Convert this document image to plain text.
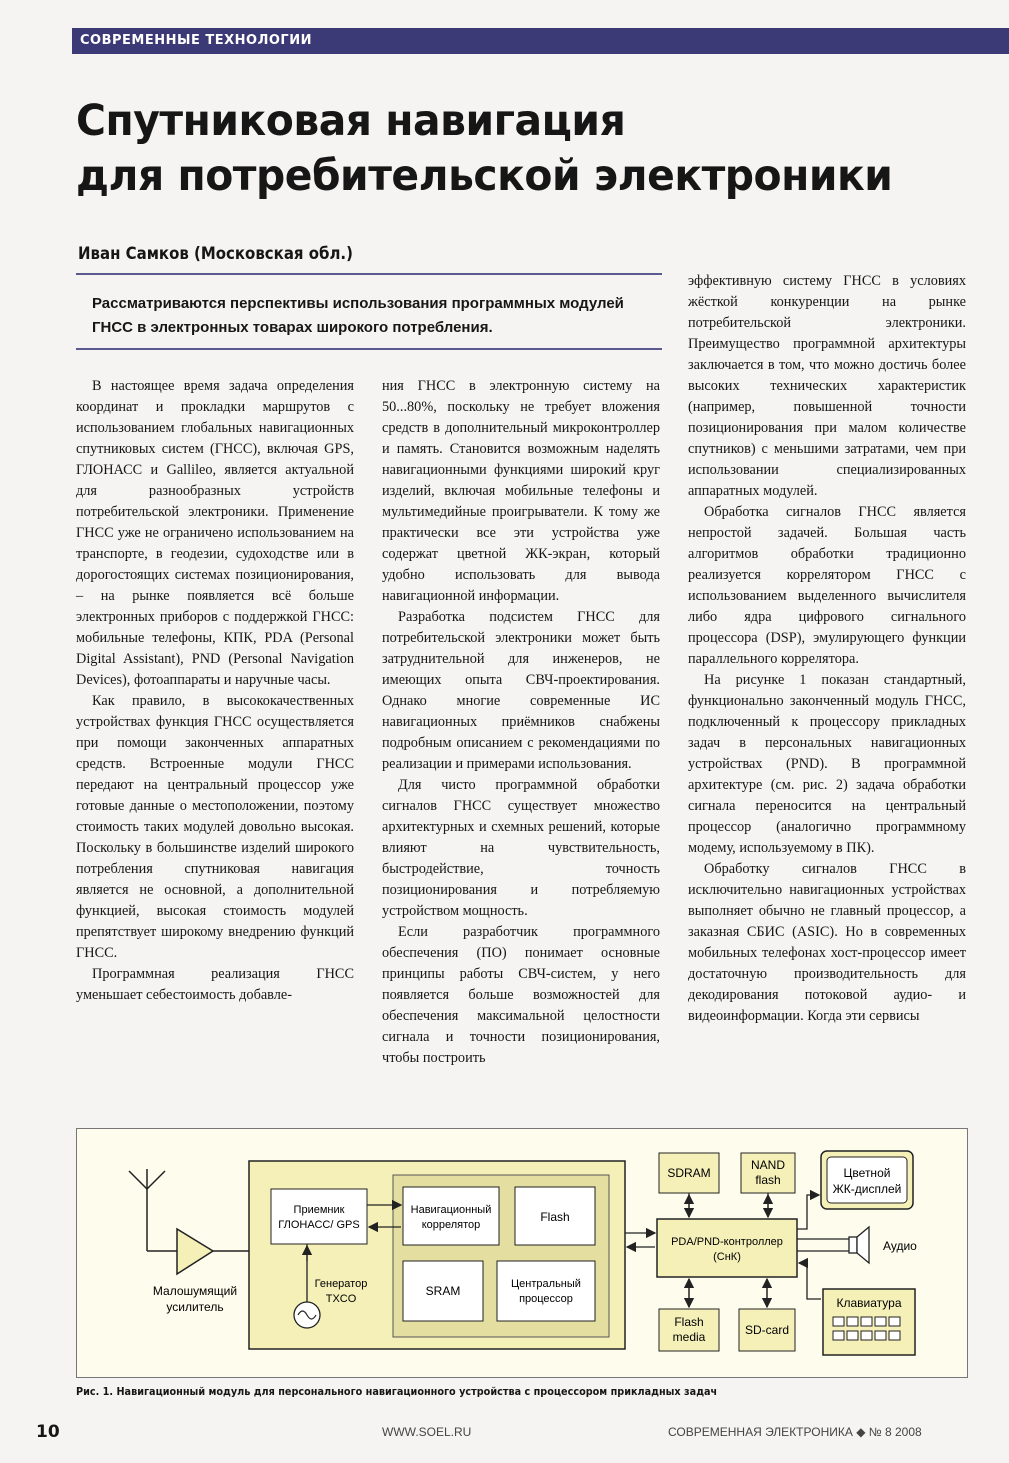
СОВРЕМЕННЫЕ ТЕХНОЛОГИИ
Спутниковая навигация
для потребительской электроники
Иван Самков (Московская обл.)

Рассматриваются перспективы использования программных модулей ГНСС в электронных товарах широкого потребления.

В настоящее время задача определения координат и прокладки маршрутов с использованием глобальных навигационных спутниковых систем (ГНСС), включая GPS, ГЛОНАСС и Gallileo, является актуальной для разнообразных устройств потребительской электроники. Применение ГНСС уже не ограничено использованием на транспорте, в геодезии, судоходстве или в дорогостоящих системах позиционирования, – на рынке появляется всё больше электронных приборов с поддержкой ГНСС: мобильные телефоны, КПК, PDA (Personal Digital Assistant), PND (Personal Navigation Devices), фотоаппараты и наручные часы.

Как правило, в высококачественных устройствах функция ГНСС осуществляется при помощи законченных аппаратных средств. Встроенные модули ГНСС передают на центральный процессор уже готовые данные о местоположении, поэтому стоимость таких модулей довольно высокая. Поскольку в большинстве изделий широкого потребления спутниковая навигация является не основной, а дополнительной функцией, высокая стоимость модулей препятствует широкому внедрению функций ГНСС.

Программная реализация ГНСС уменьшает себестоимость добавле-

ния ГНСС в электронную систему на 50...80%, поскольку не требует вложения средств в дополнительный микроконтроллер и память. Становится возможным наделять навигационными функциями широкий круг изделий, включая мобильные телефоны и мультимедийные проигрыватели. К тому же практически все эти устройства уже содержат цветной ЖК-экран, который удобно использовать для вывода навигационной информации.

Разработка подсистем ГНСС для потребительской электроники может быть затруднительной для инженеров, не имеющих опыта СВЧ-проектирования. Однако многие современные ИС навигационных приёмников снабжены подробным описанием с рекомендациями по реализации и примерами использования.

Для чисто программной обработки сигналов ГНСС существует множество архитектурных и схемных решений, которые влияют на чувствительность, быстродействие, точность позиционирования и потребляемую устройством мощность.

Если разработчик программного обеспечения (ПО) понимает основные принципы работы СВЧ-систем, у него появляется больше возможностей для обеспечения максимальной целостности сигнала и точности позиционирования, чтобы построить

эффективную систему ГНСС в условиях жёсткой конкуренции на рынке потребительской электроники. Преимущество программной архитектуры заключается в том, что можно достичь более высоких технических характеристик (например, повышенной точности позиционирования при малом количестве спутников) с меньшими затратами, чем при использовании специализированных аппаратных модулей.

Обработка сигналов ГНСС является непростой задачей. Большая часть алгоритмов обработки традиционно реализуется коррелятором ГНСС с использованием выделенного вычислителя либо ядра цифрового сигнального процессора (DSP), эмулирующего функции параллельного коррелятора.

На рисунке 1 показан стандартный, функционально законченный модуль ГНСС, подключенный к процессору прикладных задач в персональных навигационных устройствах (PND). В программной архитектуре (см. рис. 2) задача обработки сигнала переносится на центральный процессор (аналогично программному модему, используемому в ПК).

Обработку сигналов ГНСС в исключительно навигационных устройствах выполняет обычно не главный процессор, а заказная СБИС (ASIC). Но в современных мобильных телефонах хост-процессор имеет достаточную производительность для декодирования потоковой аудио- и видеоинформации. Когда эти сервисы

Малошумящий
усилитель
Приемник
ГЛОНАСС/ GPS
Навигационный
коррелятор
Flash
SRAM	Центральный
процессор
Генератор
TXCO
PDA/PND-контроллер
(СнК)
SDRAM
NAND
flash
Flash
media	SD-card
Цветной
ЖК-дисплей
Аудио
Клавиатура
Рис. 1. Навигационный модуль для персонального навигационного устройства с процессором прикладных задач
10	WWW.SOEL.RU	СОВРЕМЕННАЯ ЭЛЕКТРОНИКА ◆ № 8 2008
